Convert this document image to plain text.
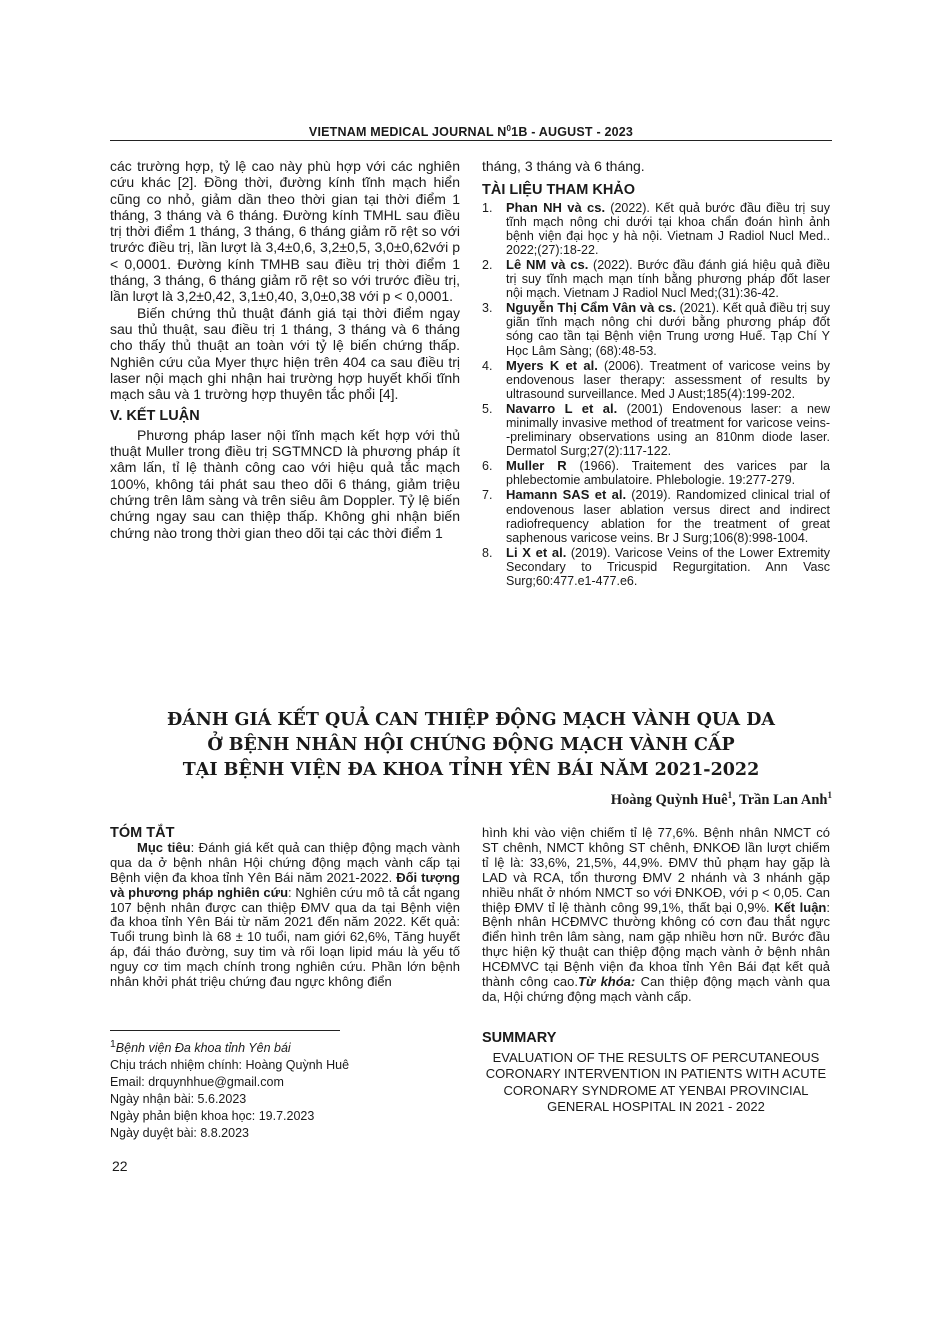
VIETNAM MEDICAL JOURNAL $N^01B$ - AUGUST - 2023

các trường hợp, tỷ lệ cao này phù hợp với các nghiên cứu khác [2]. Đồng thời, đường kính tĩnh mạch hiển cũng co nhỏ, giảm dần theo thời gian tại thời điểm 1 tháng, 3 tháng và 6 tháng. Đường kính TMHL sau điều trị thời điểm 1 tháng, 3 tháng, 6 tháng giảm rõ rệt so với trước điều trị, lần lượt là 3,4±0,6, 3,2±0,5, 3,0±0,62với p < 0,0001. Đường kính TMHB sau điều trị thời điểm 1 tháng, 3 tháng, 6 tháng giảm rõ rệt so với trước điều trị, lần lượt là 3,2±0,42, 3,1±0,40, 3,0±0,38 với p < 0,0001.

Biến chứng thủ thuật đánh giá tại thời điểm ngay sau thủ thuật, sau điều trị 1 tháng, 3 tháng và 6 tháng cho thấy thủ thuật an toàn với tỷ lệ biến chứng thấp. Nghiên cứu của Myer thực hiện trên 404 ca sau điều trị laser nội mạch ghi nhận hai trường hợp huyết khối tĩnh mạch sâu và 1 trường hợp thuyên tắc phổi [4].

V. KẾT LUẬN

Phương pháp laser nội tĩnh mạch kết hợp với thủ thuật Muller trong điều trị SGTMNCD là phương pháp ít xâm lấn, tỉ lệ thành công cao với hiệu quả tắc mạch 100%, không tái phát sau theo dõi 6 tháng, giảm triệu chứng trên lâm sàng và trên siêu âm Doppler. Tỷ lệ biến chứng ngay sau can thiệp thấp. Không ghi nhận biến chứng nào trong thời gian theo dõi tại các thời điểm 1

tháng, 3 tháng và 6 tháng.

TÀI LIỆU THAM KHẢO

1.	Phan NH và cs. (2022). Kết quả bước đầu điều trị suy tĩnh mạch nông chi dưới tại khoa chẩn đoán hình ảnh bệnh viện đại học y hà nội. Vietnam J Radiol Nucl Med.. 2022;(27):18-22.
2.	Lê NM và cs. (2022). Bước đầu đánh giá hiệu quả điều trị suy tĩnh mạch mạn tính bằng phương pháp đốt laser nội mạch. Vietnam J Radiol Nucl Med;(31):36-42.
3.	Nguyễn Thị Cẩm Vân và cs. (2021). Kết quả điều trị suy giãn tĩnh mạch nông chi dưới bằng phương pháp đốt sóng cao tần tại Bệnh viện Trung ương Huế. Tạp Chí Y Học Lâm Sàng; (68):48-53.
4.	Myers K et al. (2006). Treatment of varicose veins by endovenous laser therapy: assessment of results by ultrasound surveillance. Med J Aust;185(4):199-202.
5.	Navarro L et al. (2001) Endovenous laser: a new minimally invasive method of treatment for varicose veins--preliminary observations using an 810nm diode laser. Dermatol Surg;27(2):117-122.
6.	Muller R (1966). Traitement des varices par la phlebectomie ambulatoire. Phlebologie. 19:277-279.
7.	Hamann SAS et al. (2019). Randomized clinical trial of endovenous laser ablation versus direct and indirect radiofrequency ablation for the treatment of great saphenous varicose veins. Br J Surg;106(8):998-1004.
8.	Li X et al. (2019). Varicose Veins of the Lower Extremity Secondary to Tricuspid Regurgitation. Ann Vasc Surg;60:477.e1-477.e6.
ĐÁNH GIÁ KẾT QUẢ CAN THIỆP ĐỘNG MẠCH VÀNH QUA DA
Ở BỆNH NHÂN HỘI CHỨNG ĐỘNG MẠCH VÀNH CẤP
TẠI BỆNH VIỆN ĐA KHOA TỈNH YÊN BÁI NĂM 2021-2022
Hoàng Quỳnh Huê$^1$, Trần Lan Anh$^1$
TÓM TẮT

Mục tiêu: Đánh giá kết quả can thiệp động mạch vành qua da ở bệnh nhân Hội chứng động mạch vành cấp tại Bệnh viện đa khoa tỉnh Yên Bái năm 2021-2022. Đối tượng và phương pháp nghiên cứu: Nghiên cứu mô tả cắt ngang 107 bệnh nhân được can thiệp ĐMV qua da tại Bệnh viện đa khoa tỉnh Yên Bái từ năm 2021 đến năm 2022. Kết quả: Tuổi trung bình là 68 ± 10 tuổi, nam giới 62,6%, Tăng huyết áp, đái tháo đường, suy tim và rối loạn lipid máu là yếu tố nguy cơ tim mạch chính trong nghiên cứu. Phần lớn bệnh nhân khởi phát triệu chứng đau ngực không điển

hình khi vào viện chiếm tỉ lệ 77,6%. Bệnh nhân NMCT có ST chênh, NMCT không ST chênh, ĐNKOĐ lần lượt chiếm tỉ lệ là: 33,6%, 21,5%, 44,9%. ĐMV thủ phạm hay gặp là LAD và RCA, tổn thương ĐMV 2 nhánh và 3 nhánh gặp nhiều nhất ở nhóm NMCT so với ĐNKOĐ, với p < 0,05. Can thiệp ĐMV tỉ lệ thành công 99,1%, thất bại 0,9%. Kết luận: Bệnh nhân HCĐMVC thường không có cơn đau thắt ngực điển hình trên lâm sàng, nam gặp nhiều hơn nữ. Bước đầu thực hiện kỹ thuật can thiệp động mạch vành ở bệnh nhân HCĐMVC tại Bệnh viện đa khoa tỉnh Yên Bái đạt kết quả thành công cao.Từ khóa: Can thiệp động mạch vành qua da, Hội chứng động mạch vành cấp.

$^1$Bệnh viện Đa khoa tỉnh Yên bái

Chịu trách nhiệm chính: Hoàng Quỳnh Huê

Email: drquynhhue@gmail.com

Ngày nhận bài: 5.6.2023

Ngày phản biện khoa học: 19.7.2023

Ngày duyệt bài: 8.8.2023

SUMMARY
EVALUATION OF THE RESULTS OF PERCUTANEOUS CORONARY INTERVENTION IN PATIENTS WITH ACUTE CORONARY SYNDROME AT YENBAI PROVINCIAL GENERAL HOSPITAL IN 2021 - 2022
22
